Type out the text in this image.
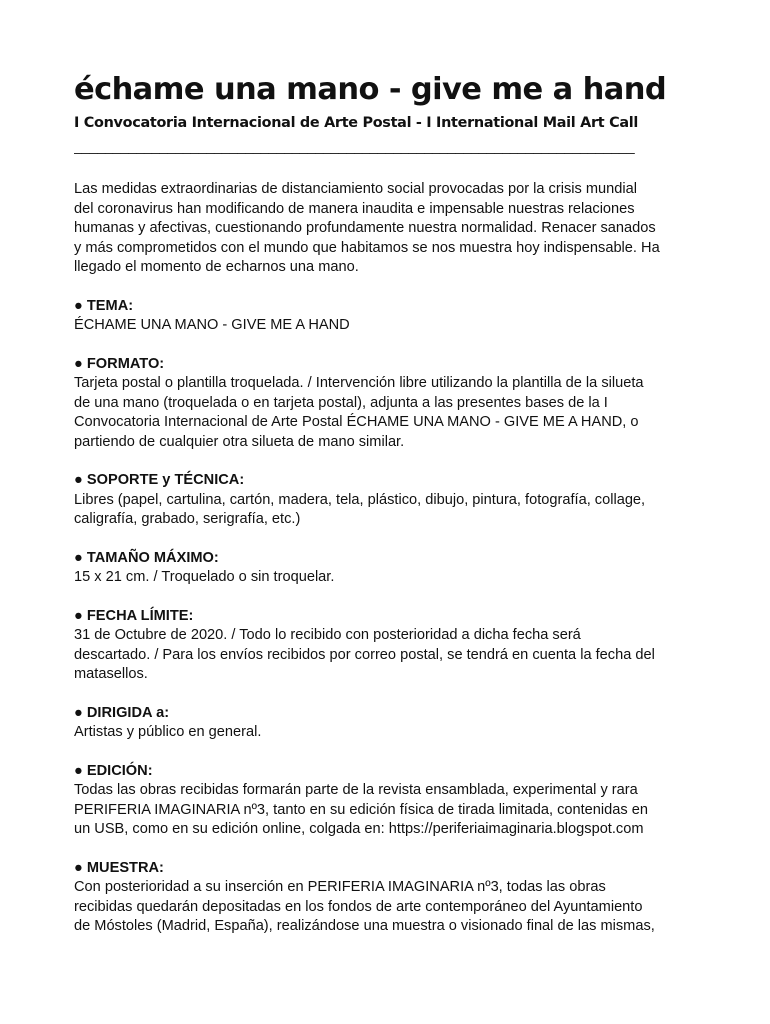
échame una mano - give me a hand
I Convocatoria Internacional de Arte Postal - I International Mail Art Call
________________________________________________________________________

Las medidas extraordinarias de distanciamiento social provocadas por la crisis mundial
del coronavirus han modificando de manera inaudita e impensable nuestras relaciones
humanas y afectivas, cuestionando profundamente nuestra normalidad. Renacer sanados
y más comprometidos con el mundo que habitamos se nos muestra hoy indispensable. Ha
llegado el momento de echarnos una mano.

● TEMA:

ÉCHAME UNA MANO - GIVE ME A HAND

● FORMATO:

Tarjeta postal o plantilla troquelada. / Intervención libre utilizando la plantilla de la silueta
de una mano (troquelada o en tarjeta postal), adjunta a las presentes bases de la I
Convocatoria Internacional de Arte Postal ÉCHAME UNA MANO - GIVE ME A HAND, o
partiendo de cualquier otra silueta de mano similar.

● SOPORTE y TÉCNICA:

Libres (papel, cartulina, cartón, madera, tela, plástico, dibujo, pintura, fotografía, collage,
caligrafía, grabado, serigrafía, etc.)

● TAMAÑO MÁXIMO:

15 x 21 cm. / Troquelado o sin troquelar.

● FECHA LÍMITE:

31 de Octubre de 2020. / Todo lo recibido con posterioridad a dicha fecha será
descartado. / Para los envíos recibidos por correo postal, se tendrá en cuenta la fecha del
matasellos.

● DIRIGIDA a:

Artistas y público en general.

● EDICIÓN:

Todas las obras recibidas formarán parte de la revista ensamblada, experimental y rara
PERIFERIA IMAGINARIA nº3, tanto en su edición física de tirada limitada, contenidas en
un USB, como en su edición online, colgada en: https://periferiaimaginaria.blogspot.com

● MUESTRA:

Con posterioridad a su inserción en PERIFERIA IMAGINARIA nº3, todas las obras
recibidas quedarán depositadas en los fondos de arte contemporáneo del Ayuntamiento
de Móstoles (Madrid, España), realizándose una muestra o visionado final de las mismas,
